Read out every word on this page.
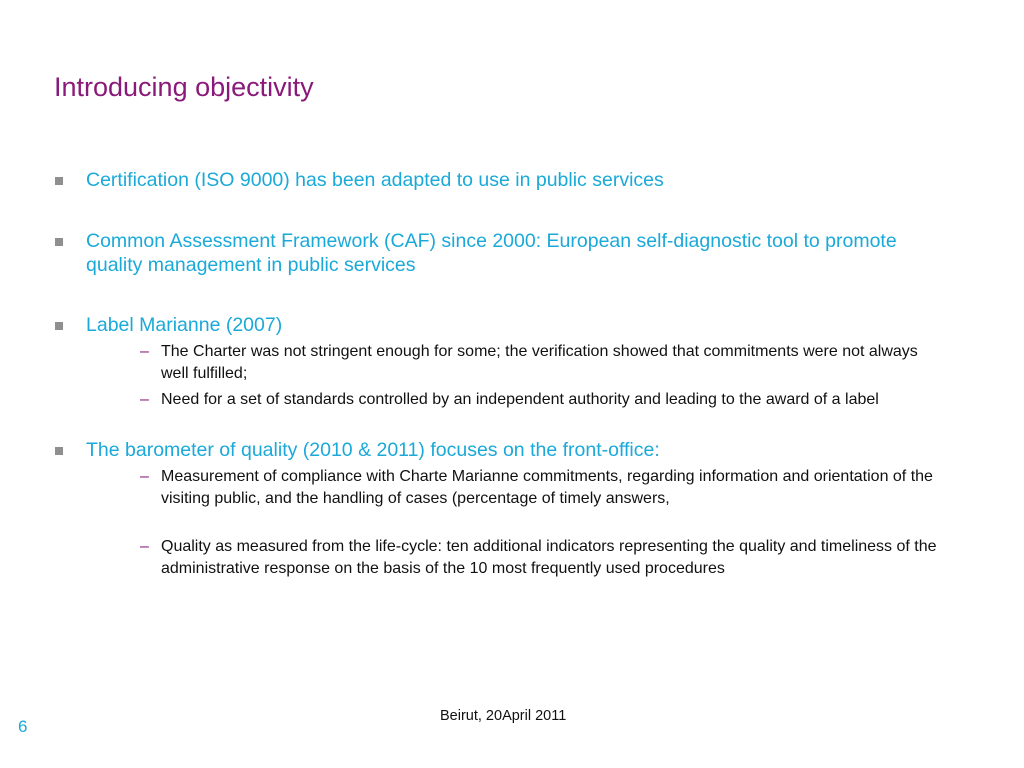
Introducing objectivity
Certification (ISO 9000) has been adapted to use in public services
Common Assessment Framework (CAF) since 2000: European self-diagnostic tool to promote quality management in public services
Label Marianne (2007)
– The Charter was not stringent enough for some; the verification showed that commitments were not always well fulfilled;
– Need for a set of standards controlled by an independent authority and leading to the award of a label
The barometer of quality (2010 & 2011) focuses on the front-office:
– Measurement of compliance with Charte Marianne commitments, regarding information and orientation of the visiting public, and the handling of cases (percentage of timely answers,
– Quality as measured from the life-cycle: ten additional indicators representing the quality and timeliness of the administrative response on the basis of the 10 most frequently used procedures
Beirut, 20April 2011
6
